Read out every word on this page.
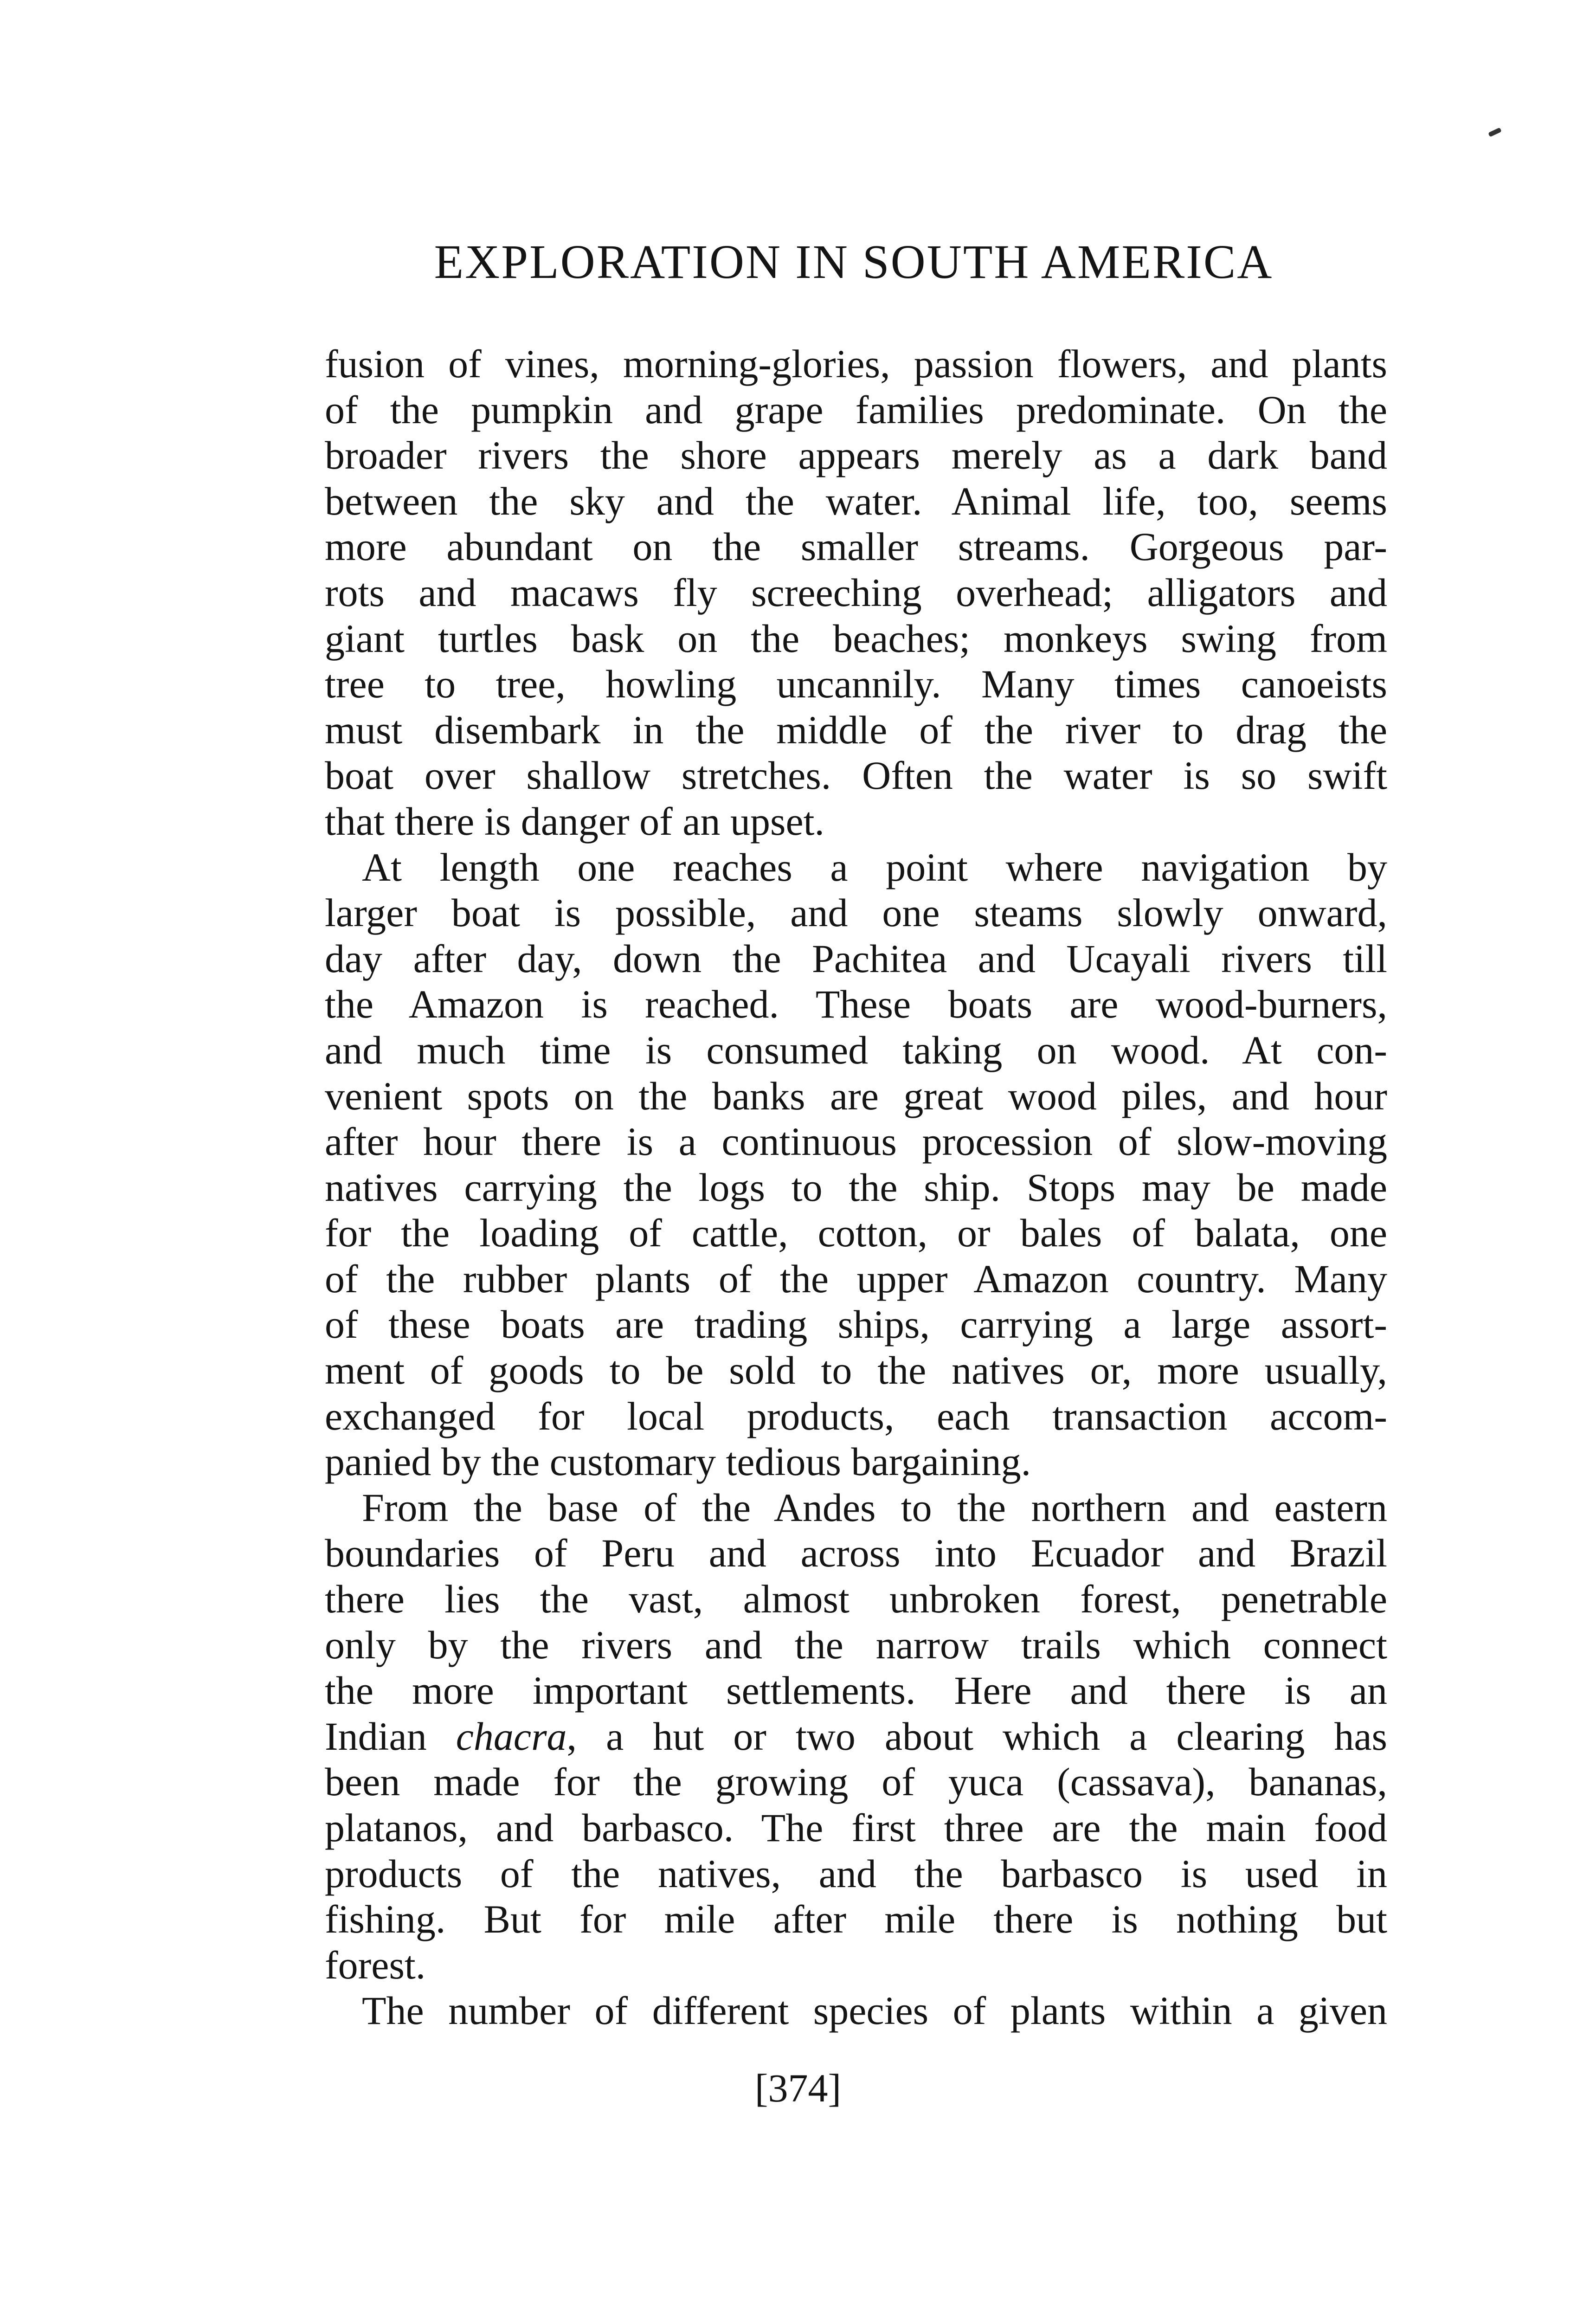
EXPLORATION IN SOUTH AMERICA
fusion of vines, morning-glories, passion flowers, and plants
of the pumpkin and grape families predominate. On the
broader rivers the shore appears merely as a dark band
between the sky and the water. Animal life, too, seems
more abundant on the smaller streams. Gorgeous par-
rots and macaws fly screeching overhead; alligators and
giant turtles bask on the beaches; monkeys swing from
tree to tree, howling uncannily. Many times canoeists
must disembark in the middle of the river to drag the
boat over shallow stretches. Often the water is so swift
that there is danger of an upset.
At length one reaches a point where navigation by
larger boat is possible, and one steams slowly onward,
day after day, down the Pachitea and Ucayali rivers till
the Amazon is reached. These boats are wood-burners,
and much time is consumed taking on wood. At con-
venient spots on the banks are great wood piles, and hour
after hour there is a continuous procession of slow-moving
natives carrying the logs to the ship. Stops may be made
for the loading of cattle, cotton, or bales of balata, one
of the rubber plants of the upper Amazon country. Many
of these boats are trading ships, carrying a large assort-
ment of goods to be sold to the natives or, more usually,
exchanged for local products, each transaction accom-
panied by the customary tedious bargaining.
From the base of the Andes to the northern and eastern
boundaries of Peru and across into Ecuador and Brazil
there lies the vast, almost unbroken forest, penetrable
only by the rivers and the narrow trails which connect
the more important settlements. Here and there is an
Indian chacra, a hut or two about which a clearing has
been made for the growing of yuca (cassava), bananas,
platanos, and barbasco. The first three are the main food
products of the natives, and the barbasco is used in
fishing. But for mile after mile there is nothing but
forest.
The number of different species of plants within a given
[374]
